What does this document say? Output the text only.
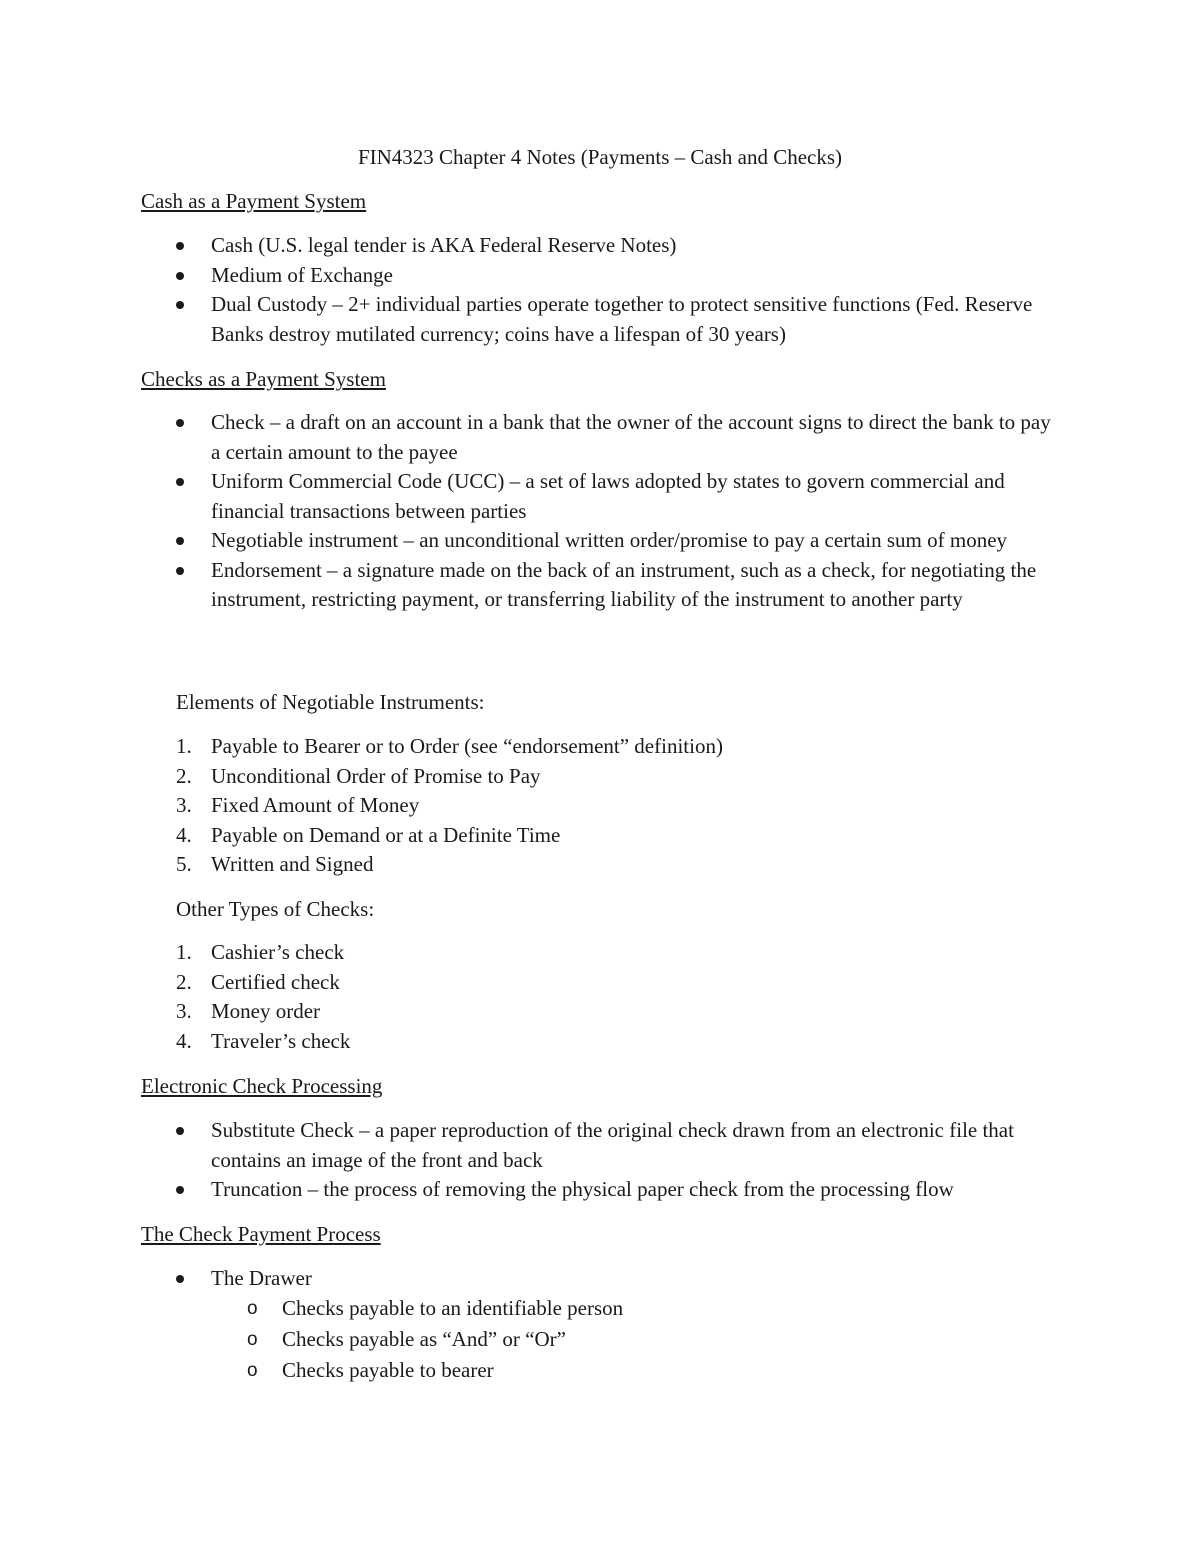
FIN4323 Chapter 4 Notes (Payments – Cash and Checks)
Cash as a Payment System
Cash (U.S. legal tender is AKA Federal Reserve Notes)
Medium of Exchange
Dual Custody – 2+ individual parties operate together to protect sensitive functions (Fed. Reserve Banks destroy mutilated currency; coins have a lifespan of 30 years)
Checks as a Payment System
Check – a draft on an account in a bank that the owner of the account signs to direct the bank to pay a certain amount to the payee
Uniform Commercial Code (UCC) – a set of laws adopted by states to govern commercial and financial transactions between parties
Negotiable instrument – an unconditional written order/promise to pay a certain sum of money
Endorsement – a signature made on the back of an instrument, such as a check, for negotiating the instrument, restricting payment, or transferring liability of the instrument to another party
Elements of Negotiable Instruments:
1. Payable to Bearer or to Order (see “endorsement” definition)
2. Unconditional Order of Promise to Pay
3. Fixed Amount of Money
4. Payable on Demand or at a Definite Time
5. Written and Signed
Other Types of Checks:
1. Cashier’s check
2. Certified check
3. Money order
4. Traveler’s check
Electronic Check Processing
Substitute Check – a paper reproduction of the original check drawn from an electronic file that contains an image of the front and back
Truncation – the process of removing the physical paper check from the processing flow
The Check Payment Process
The Drawer
o Checks payable to an identifiable person
o Checks payable as “And” or “Or”
o Checks payable to bearer
